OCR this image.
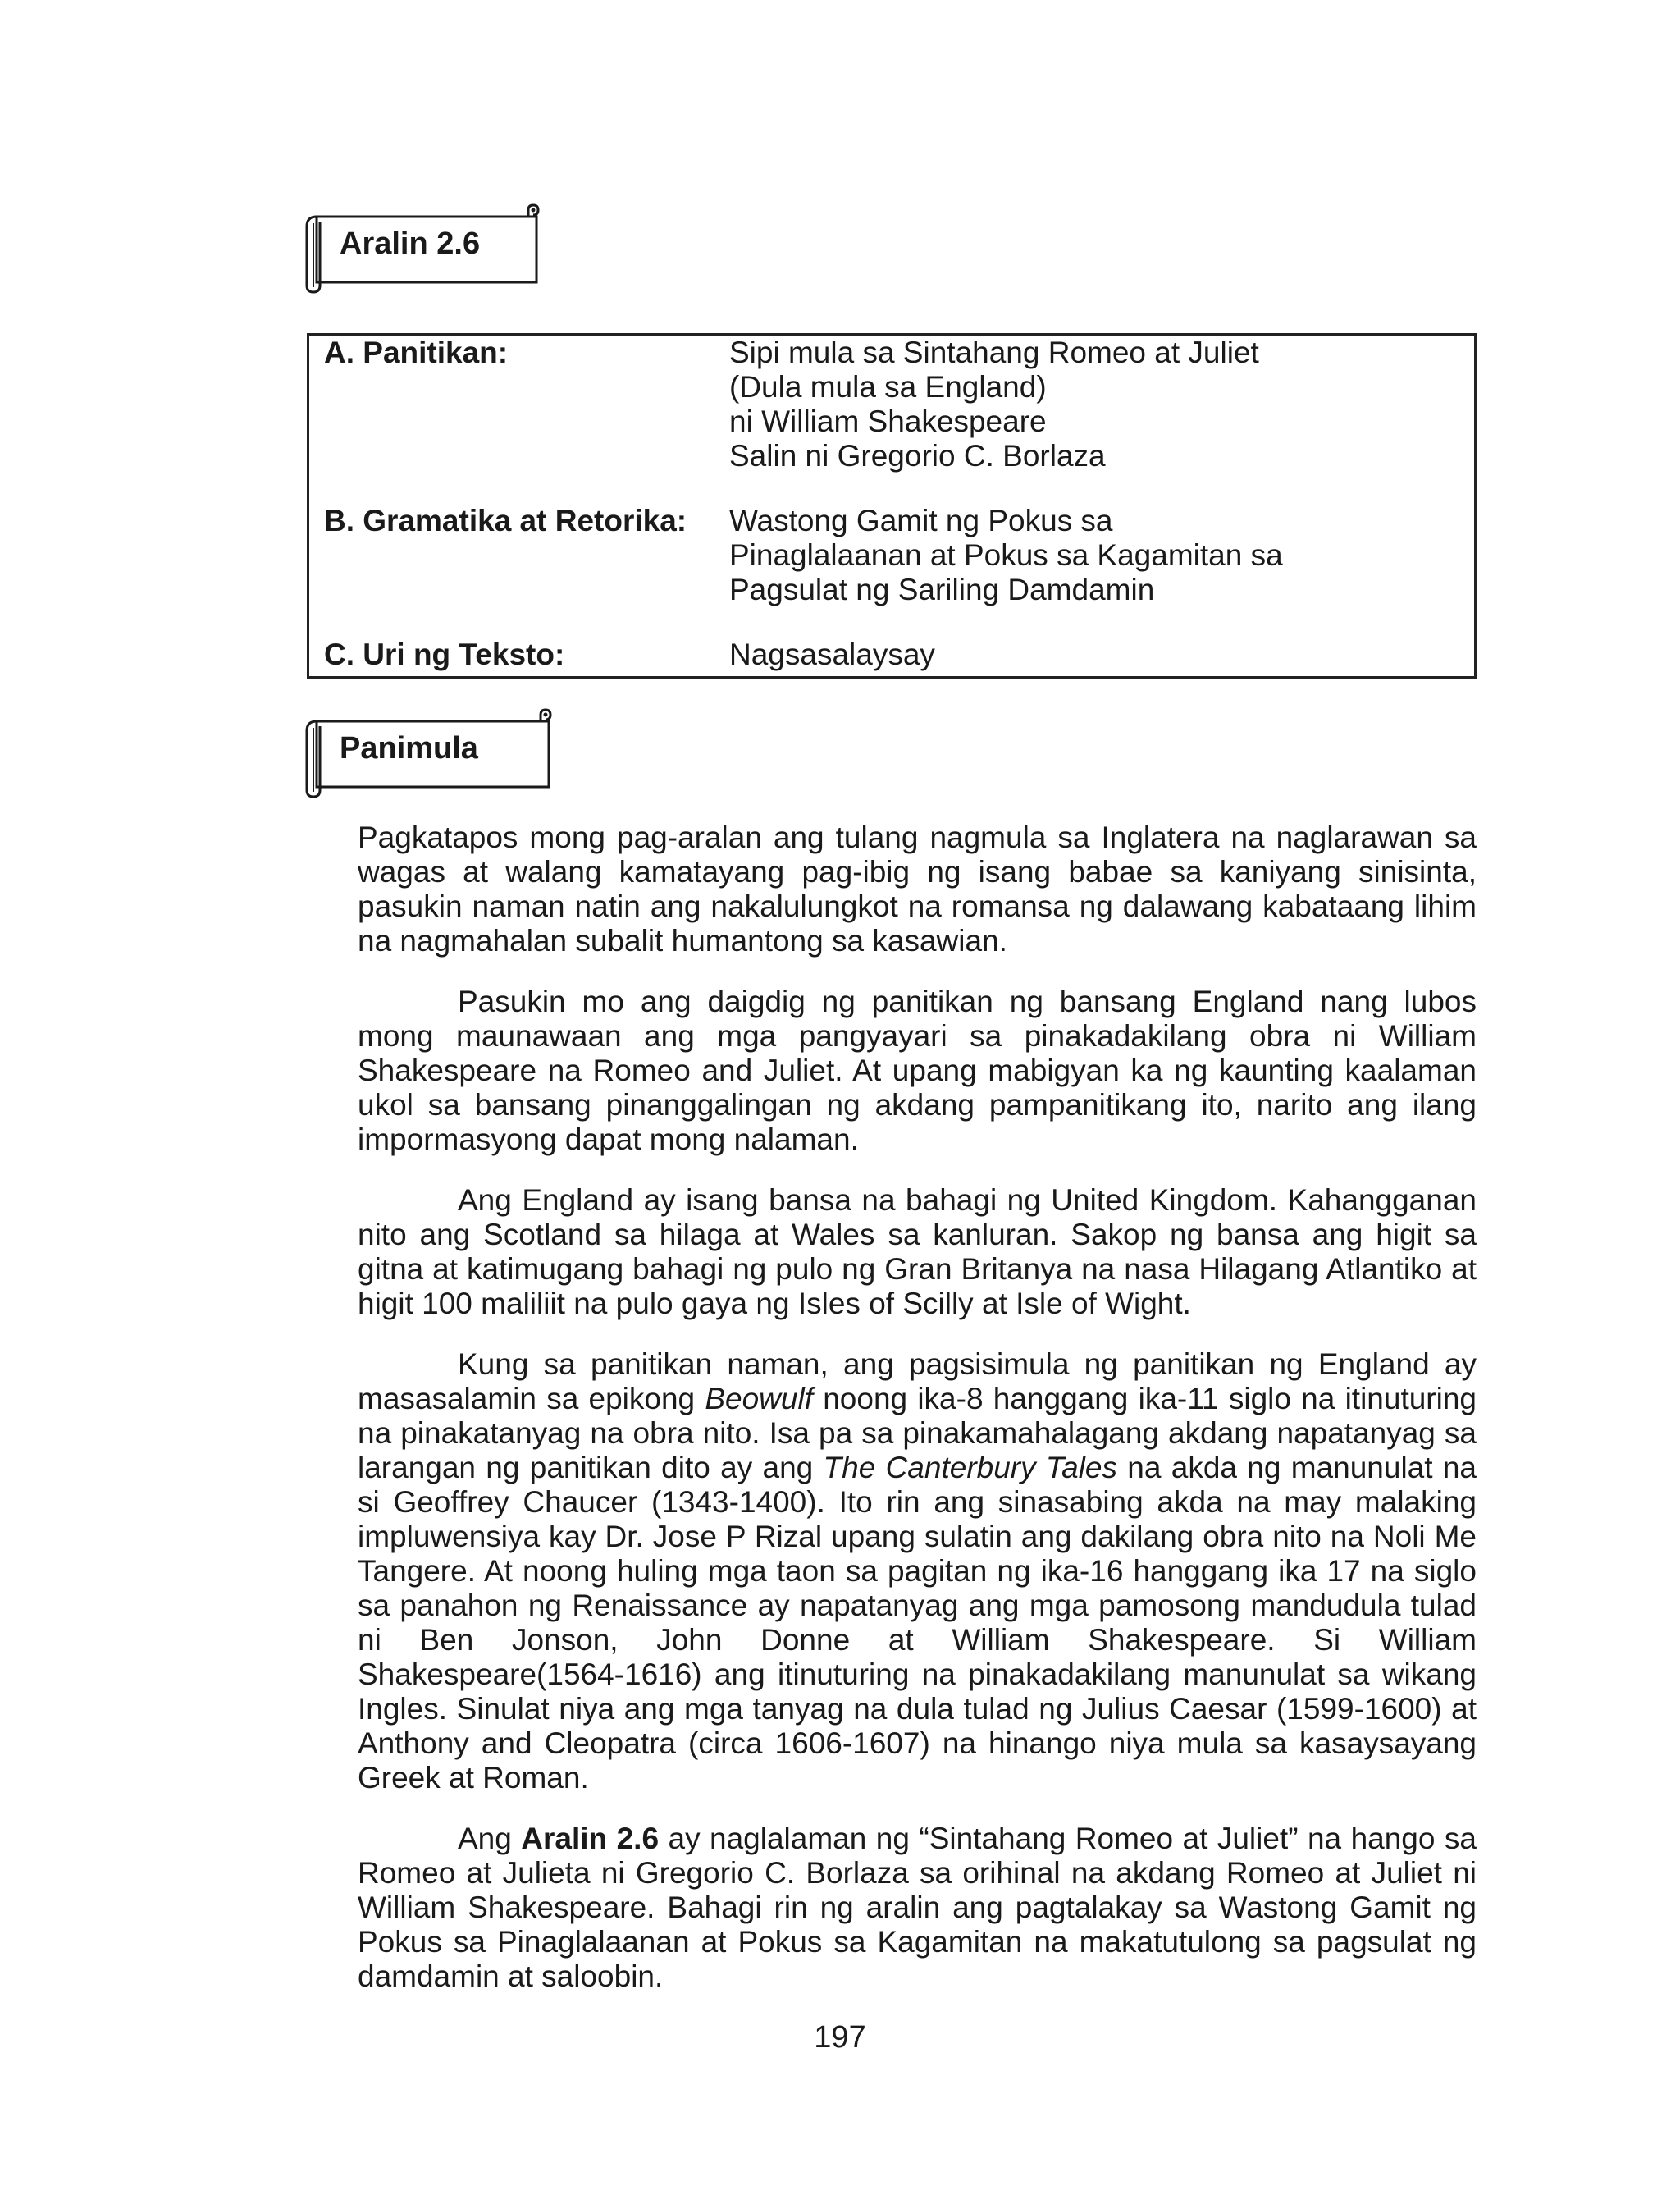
Aralin 2.6
A. Panitikan:	Sipi mula sa Sintahang Romeo at Juliet
(Dula mula sa England)
ni William Shakespeare
Salin ni Gregorio C. Borlaza
B. Gramatika at Retorika: Wastong Gamit ng Pokus sa
Pinaglalaanan at Pokus sa Kagamitan sa
Pagsulat ng Sariling Damdamin
C. Uri ng Teksto:	Nagsasalaysay
Panimula

Pagkatapos mong pag-aralan ang tulang nagmula sa Inglatera na naglarawan sa wagas at walang kamatayang pag-ibig ng isang babae sa kaniyang sinisinta, pasukin naman natin ang nakalulungkot na romansa ng dalawang kabataang lihim na nagmahalan subalit humantong sa kasawian.

Pasukin mo ang daigdig ng panitikan ng bansang England nang lubos mong maunawaan ang mga pangyayari sa pinakadakilang obra ni William Shakespeare na Romeo and Juliet. At upang mabigyan ka ng kaunting kaalaman ukol sa bansang pinanggalingan ng akdang pampanitikang ito, narito ang ilang impormasyong dapat mong nalaman.

Ang England ay isang bansa na bahagi ng United Kingdom. Kahangganan nito ang Scotland sa hilaga at Wales sa kanluran. Sakop ng bansa ang higit sa gitna at katimugang bahagi ng pulo ng Gran Britanya na nasa Hilagang Atlantiko at higit 100 maliliit na pulo gaya ng Isles of Scilly at Isle of Wight.

Kung sa panitikan naman, ang pagsisimula ng panitikan ng England ay masasalamin sa epikong Beowulf noong ika-8 hanggang ika-11 siglo na itinuturing na pinakatanyag na obra nito. Isa pa sa pinakamahalagang akdang napatanyag sa larangan ng panitikan dito ay ang The Canterbury Tales na akda ng manunulat na si Geoffrey Chaucer (1343-1400). Ito rin ang sinasabing akda na may malaking impluwensiya kay Dr. Jose P Rizal upang sulatin ang dakilang obra nito na Noli Me Tangere. At noong huling mga taon sa pagitan ng ika-16 hanggang ika 17 na siglo sa panahon ng Renaissance ay napatanyag ang mga pamosong mandudula tulad ni Ben Jonson, John Donne at William Shakespeare. Si William Shakespeare(1564-1616) ang itinuturing na pinakadakilang manunulat sa wikang Ingles. Sinulat niya ang mga tanyag na dula tulad ng Julius Caesar (1599-1600) at Anthony and Cleopatra (circa 1606-1607) na hinango niya mula sa kasaysayang Greek at Roman.

Ang Aralin 2.6 ay naglalaman ng “Sintahang Romeo at Juliet” na hango sa Romeo at Julieta ni Gregorio C. Borlaza sa orihinal na akdang Romeo at Juliet ni William Shakespeare. Bahagi rin ng aralin ang pagtalakay sa Wastong Gamit ng Pokus sa Pinaglalaanan at Pokus sa Kagamitan na makatutulong sa pagsulat ng damdamin at saloobin.

197
